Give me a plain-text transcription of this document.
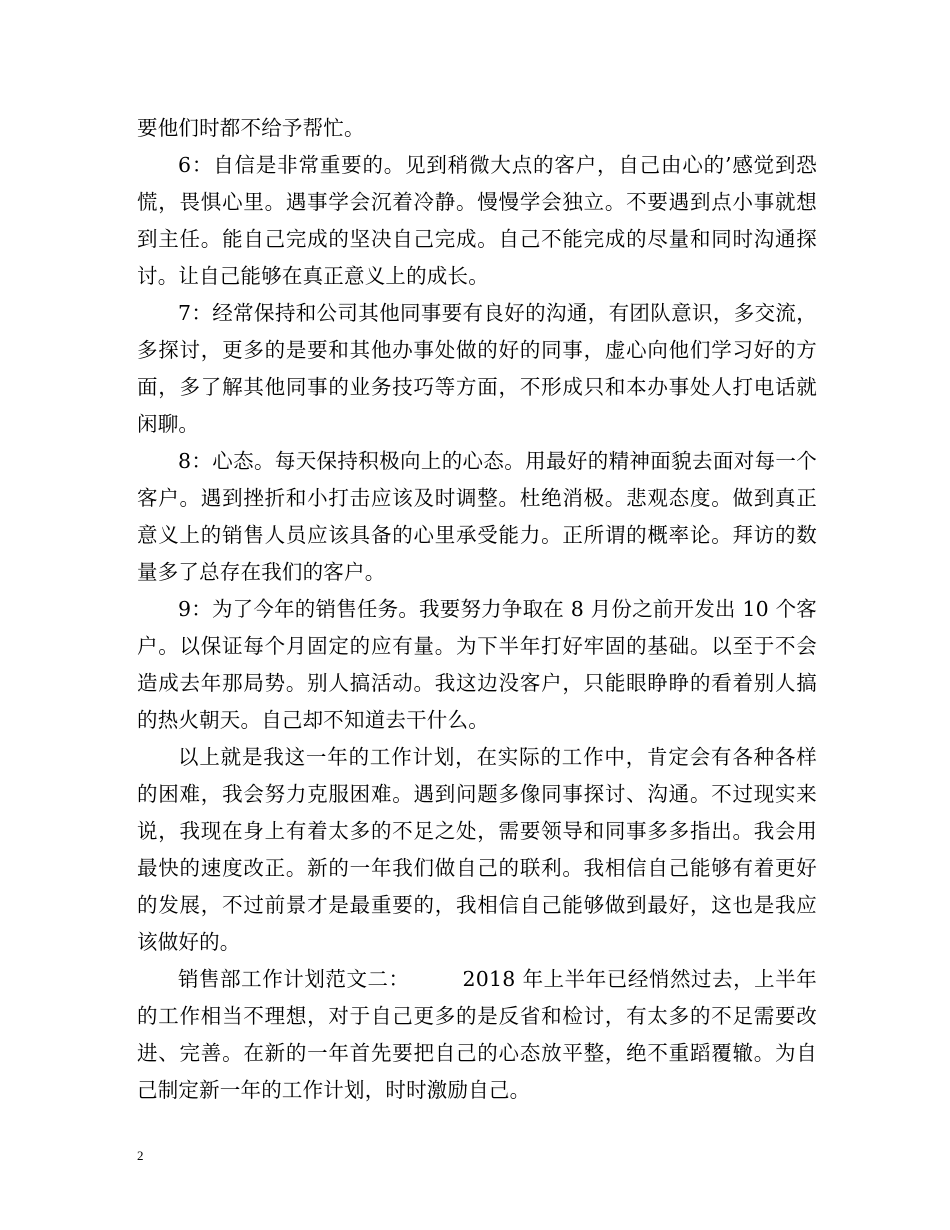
要他们时都不给予帮忙。

6：自信是非常重要的。见到稍微大点的客户，自己由心的’感觉到恐慌，畏惧心里。遇事学会沉着冷静。慢慢学会独立。不要遇到点小事就想到主任。能自己完成的坚决自己完成。自己不能完成的尽量和同时沟通探讨。让自己能够在真正意义上的成长。

7：经常保持和公司其他同事要有良好的沟通，有团队意识，多交流，多探讨，更多的是要和其他办事处做的好的同事，虚心向他们学习好的方面，多了解其他同事的业务技巧等方面，不形成只和本办事处人打电话就闲聊。

8：心态。每天保持积极向上的心态。用最好的精神面貌去面对每一个客户。遇到挫折和小打击应该及时调整。杜绝消极。悲观态度。做到真正意义上的销售人员应该具备的心里承受能力。正所谓的概率论。拜访的数量多了总存在我们的客户。

9：为了今年的销售任务。我要努力争取在 8 月份之前开发出 10 个客户。以保证每个月固定的应有量。为下半年打好牢固的基础。以至于不会造成去年那局势。别人搞活动。我这边没客户，只能眼睁睁的看着别人搞的热火朝天。自己却不知道去干什么。

以上就是我这一年的工作计划，在实际的工作中，肯定会有各种各样的困难，我会努力克服困难。遇到问题多像同事探讨、沟通。不过现实来说，我现在身上有着太多的不足之处，需要领导和同事多多指出。我会用最快的速度改正。新的一年我们做自己的联利。我相信自己能够有着更好的发展，不过前景才是最重要的，我相信自己能够做到最好，这也是我应该做好的。

销售部工作计划范文二：　　　2018 年上半年已经悄然过去，上半年的工作相当不理想，对于自己更多的是反省和检讨，有太多的不足需要改进、完善。在新的一年首先要把自己的心态放平整，绝不重蹈覆辙。为自己制定新一年的工作计划，时时激励自己。

2
